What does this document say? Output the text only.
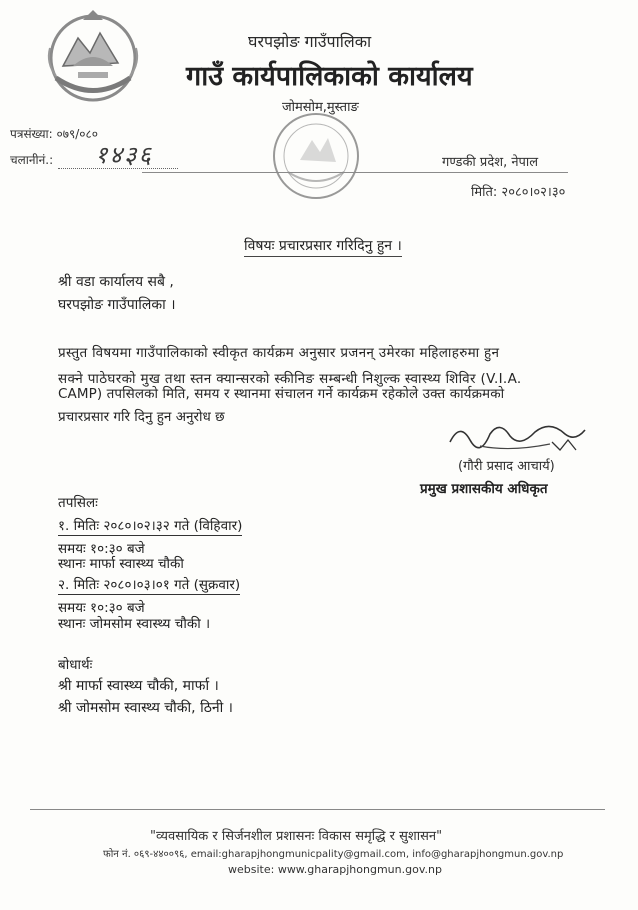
घरपझोङ गाउँपालिका
गाउँ कार्यपालिकाको कार्यालय
जोमसोम,मुस्ताङ
पत्रसंख्या: ०७९/०८०
चलानीनं.: १४३६	गण्डकी प्रदेश, नेपाल
मिति: २०८०।०२।३०
विषयः प्रचारप्रसार गरिदिनु हुन ।
श्री वडा कार्यालय सबै ,
घरपझोङ गाउँपालिका ।
प्रस्तुत विषयमा गाउँपालिकाको स्वीकृत कार्यक्रम अनुसार प्रजनन् उमेरका महिलाहरुमा हुन
सक्ने पाठेघरको मुख तथा स्तन क्यान्सरको स्कीनिङ सम्बन्धी निशुल्क स्वास्थ्य शिविर (V.I.A.
CAMP) तपसिलको मिति, समय र स्थानमा संचालन गर्ने कार्यक्रम रहेकोले उक्त कार्यक्रमको
प्रचारप्रसार गरि दिनु हुन अनुरोध छ
(गौरी प्रसाद आचार्य)
प्रमुख प्रशासकीय अधिकृत
तपसिलः
१. मितिः २०८०।०२।३२ गते (विहिवार)
समयः १०:३० बजे
स्थानः मार्फा स्वास्थ्य चौकी
२. मितिः २०८०।०३।०१ गते (सुक्रवार)
समयः १०:३० बजे
स्थानः जोमसोम स्वास्थ्य चौकी ।
बोधार्थः
श्री मार्फा स्वास्थ्य चौकी, मार्फा ।
श्री जोमसोम स्वास्थ्य चौकी, ठिनी ।
"व्यवसायिक र सिर्जनशील प्रशासनः विकास समृद्धि र सुशासन"
फोन नं. ०६९-४४००९६, email:gharapjhongmunicpality@gmail.com, info@gharapjhongmun.gov.np
website: www.gharapjhongmun.gov.np
